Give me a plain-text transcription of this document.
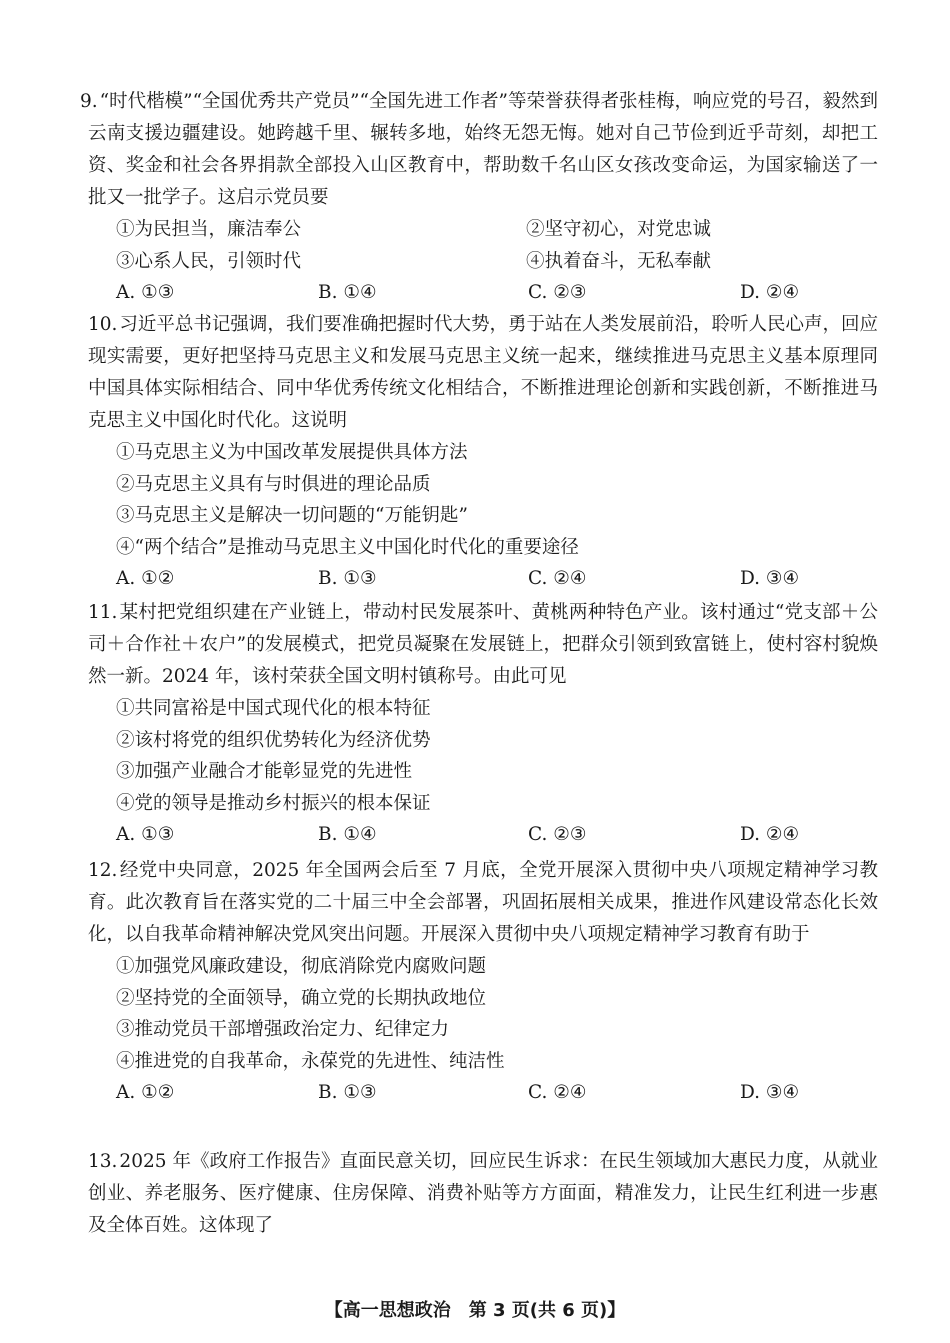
9. “时代楷模”“全国优秀共产党员”“全国先进工作者”等荣誉获得者张桂梅，响应党的号召，毅然到云南支援边疆建设。她跨越千里、辗转多地，始终无怨无悔。她对自己节俭到近乎苛刻，却把工资、奖金和社会各界捐款全部投入山区教育中，帮助数千名山区女孩改变命运，为国家输送了一批又一批学子。这启示党员要

①为民担当，廉洁奉公	②坚守初心，对党忠诚
③心系人民，引领时代	④执着奋斗，无私奉献
A. ①③	B. ①④	C. ②③	D. ②④

10. 习近平总书记强调，我们要准确把握时代大势，勇于站在人类发展前沿，聆听人民心声，回应现实需要，更好把坚持马克思主义和发展马克思主义统一起来，继续推进马克思主义基本原理同中国具体实际相结合、同中华优秀传统文化相结合，不断推进理论创新和实践创新，不断推进马克思主义中国化时代化。这说明

①马克思主义为中国改革发展提供具体方法
②马克思主义具有与时俱进的理论品质
③马克思主义是解决一切问题的“万能钥匙”
④“两个结合”是推动马克思主义中国化时代化的重要途径
A. ①②	B. ①③	C. ②④	D. ③④

11. 某村把党组织建在产业链上，带动村民发展茶叶、黄桃两种特色产业。该村通过“党支部＋公司＋合作社＋农户”的发展模式，把党员凝聚在发展链上，把群众引领到致富链上，使村容村貌焕然一新。2024 年，该村荣获全国文明村镇称号。由此可见

①共同富裕是中国式现代化的根本特征
②该村将党的组织优势转化为经济优势
③加强产业融合才能彰显党的先进性
④党的领导是推动乡村振兴的根本保证
A. ①③	B. ①④	C. ②③	D. ②④

12. 经党中央同意，2025 年全国两会后至 7 月底，全党开展深入贯彻中央八项规定精神学习教育。此次教育旨在落实党的二十届三中全会部署，巩固拓展相关成果，推进作风建设常态化长效化，以自我革命精神解决党风突出问题。开展深入贯彻中央八项规定精神学习教育有助于

①加强党风廉政建设，彻底消除党内腐败问题
②坚持党的全面领导，确立党的长期执政地位
③推动党员干部增强政治定力、纪律定力
④推进党的自我革命，永葆党的先进性、纯洁性
A. ①②	B. ①③	C. ②④	D. ③④

13. 2025 年《政府工作报告》直面民意关切，回应民生诉求：在民生领域加大惠民力度，从就业创业、养老服务、医疗健康、住房保障、消费补贴等方方面面，精准发力，让民生红利进一步惠及全体百姓。这体现了

【高一思想政治　第 3 页(共 6 页)】
